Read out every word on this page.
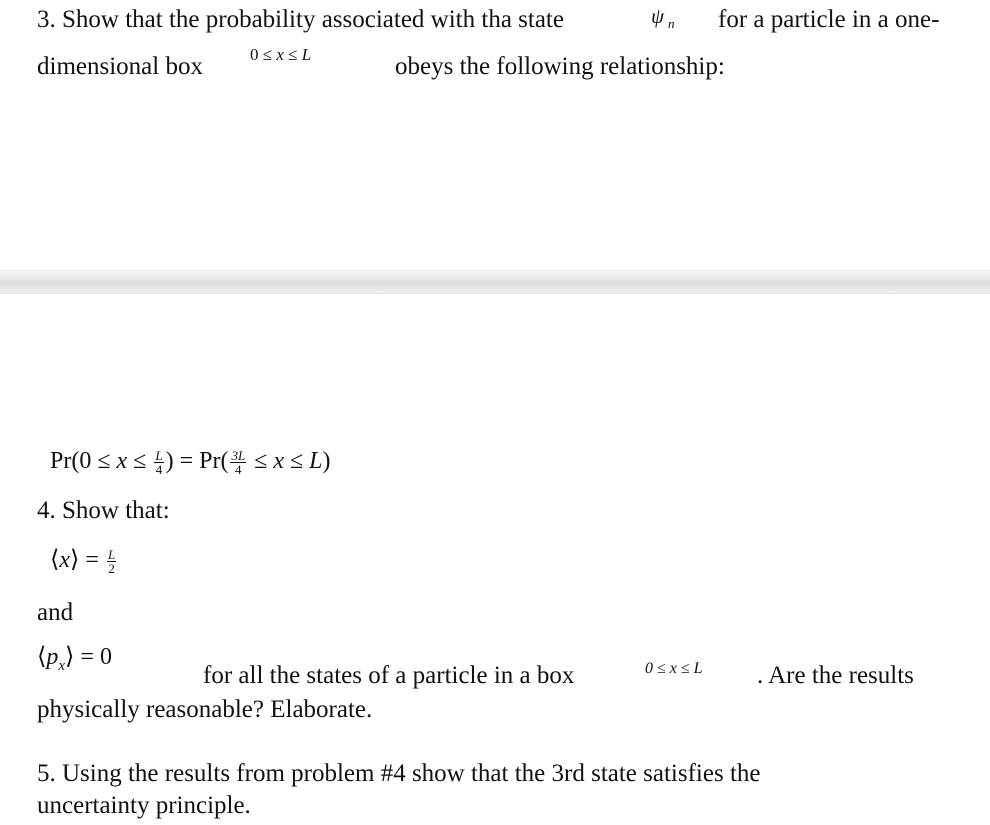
3. Show that the probability associated with tha state	ψ $_n$ for a particle in a one-
dimensional box	0 ≤ x ≤ L	obeys the following relationship:
$Pr(0 \le x \le \frac{L}{4}$ ) = $Pr( \frac{3L}{4} \le x \le L)$
4. Show that:
⟨x⟩ = $\frac{L}{2}$
and
$⟨p_x⟩ = 0$
for all the states of a particle in a box	0 ≤ x ≤ L . Are the results
physically reasonable? Elaborate.
5. Using the results from problem #4 show that the 3rd state satisfies the
uncertainty principle.
